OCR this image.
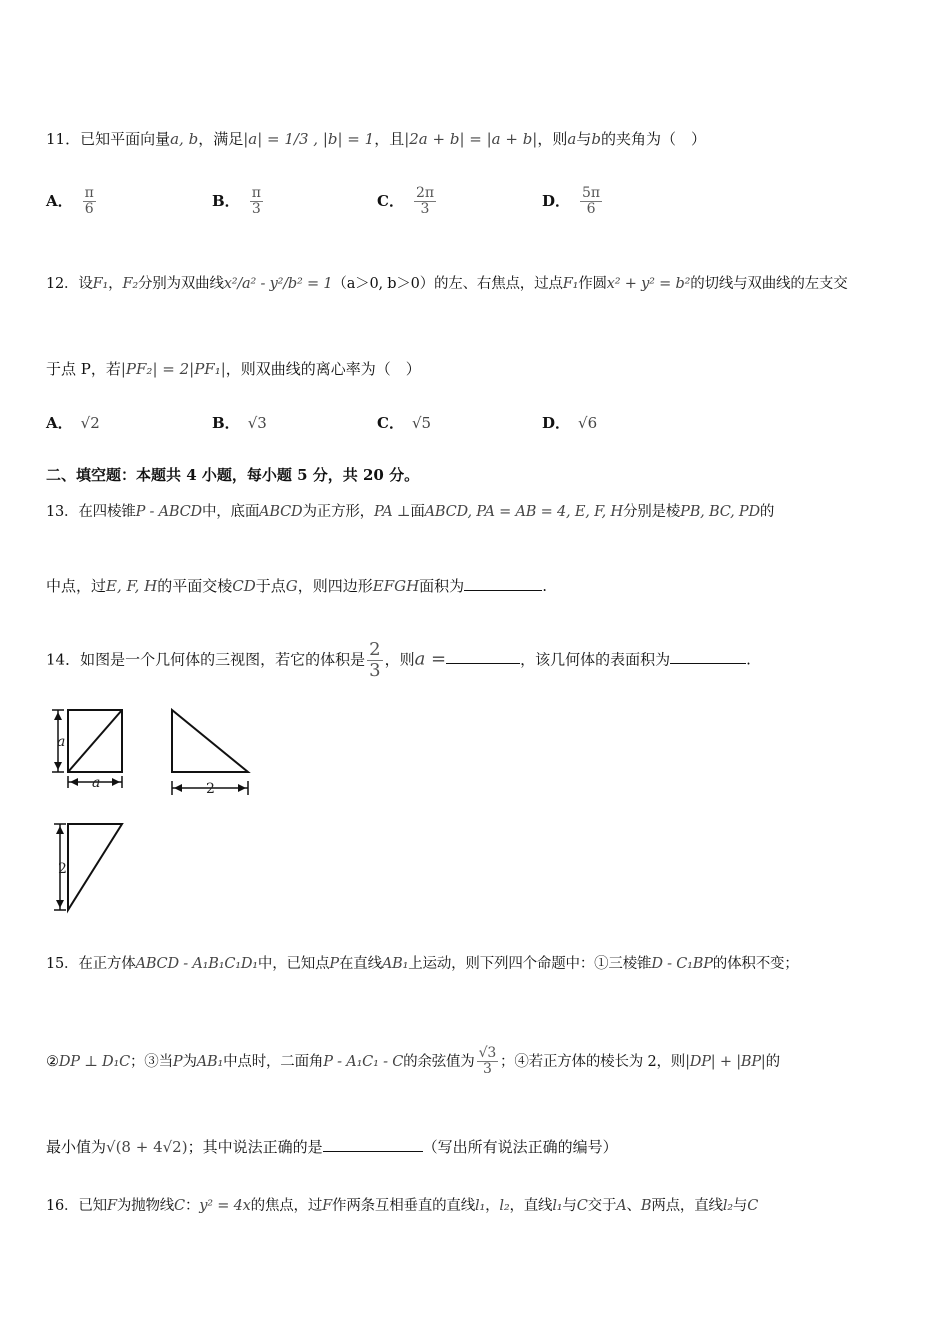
11．已知平面向量a, b，满足|a| = 1/3 , |b| = 1，且|2a + b| = |a + b|，则a与b的夹角为（　）
A． $\frac{\pi}{6}$	B． $\frac{\pi}{3}$	C． $\frac{2\pi}{3}$	D． $\frac{5\pi}{6}$
12．设F₁，F₂分别为双曲线x²/a² - y²/b² = 1（a＞0, b＞0）的左、右焦点，过点F₁作圆x² + y² = b²的切线与双曲线的左支交
于点 P，若|PF₂| = 2|PF₁|，则双曲线的离心率为（　）
A． √2	B． √3	C． √5	D． √6
二、填空题：本题共 4 小题，每小题 5 分，共 20 分。
13．在四棱锥P - ABCD中，底面ABCD为正方形，PA ⊥面ABCD, PA = AB = 4, E, F, H分别是棱PB, BC, PD的
中点，过E, F, H的平面交棱CD于点G，则四边形EFGH面积为	.
14．如图是一个几何体的三视图，若它的体积是 $\frac{2}{3}$ ，则a =	，该几何体的表面积为	.
a
a	2
2
15．在正方体ABCD - A₁B₁C₁D₁中，已知点P在直线AB₁上运动，则下列四个命题中：①三棱锥D - C₁BP的体积不变；
②DP ⊥ D₁C；③当P为AB₁中点时，二面角P - A₁C₁ - C的余弦值为 $\frac{√3}{3}$ ；④若正方体的棱长为 2，则|DP| + |BP|的
最小值为√(8 + 4√2)；其中说法正确的是	（写出所有说法正确的编号）
16．已知F为抛物线C：y² = 4x的焦点，过F作两条互相垂直的直线l₁，l₂，直线l₁与C交于A、B两点，直线l₂与C
